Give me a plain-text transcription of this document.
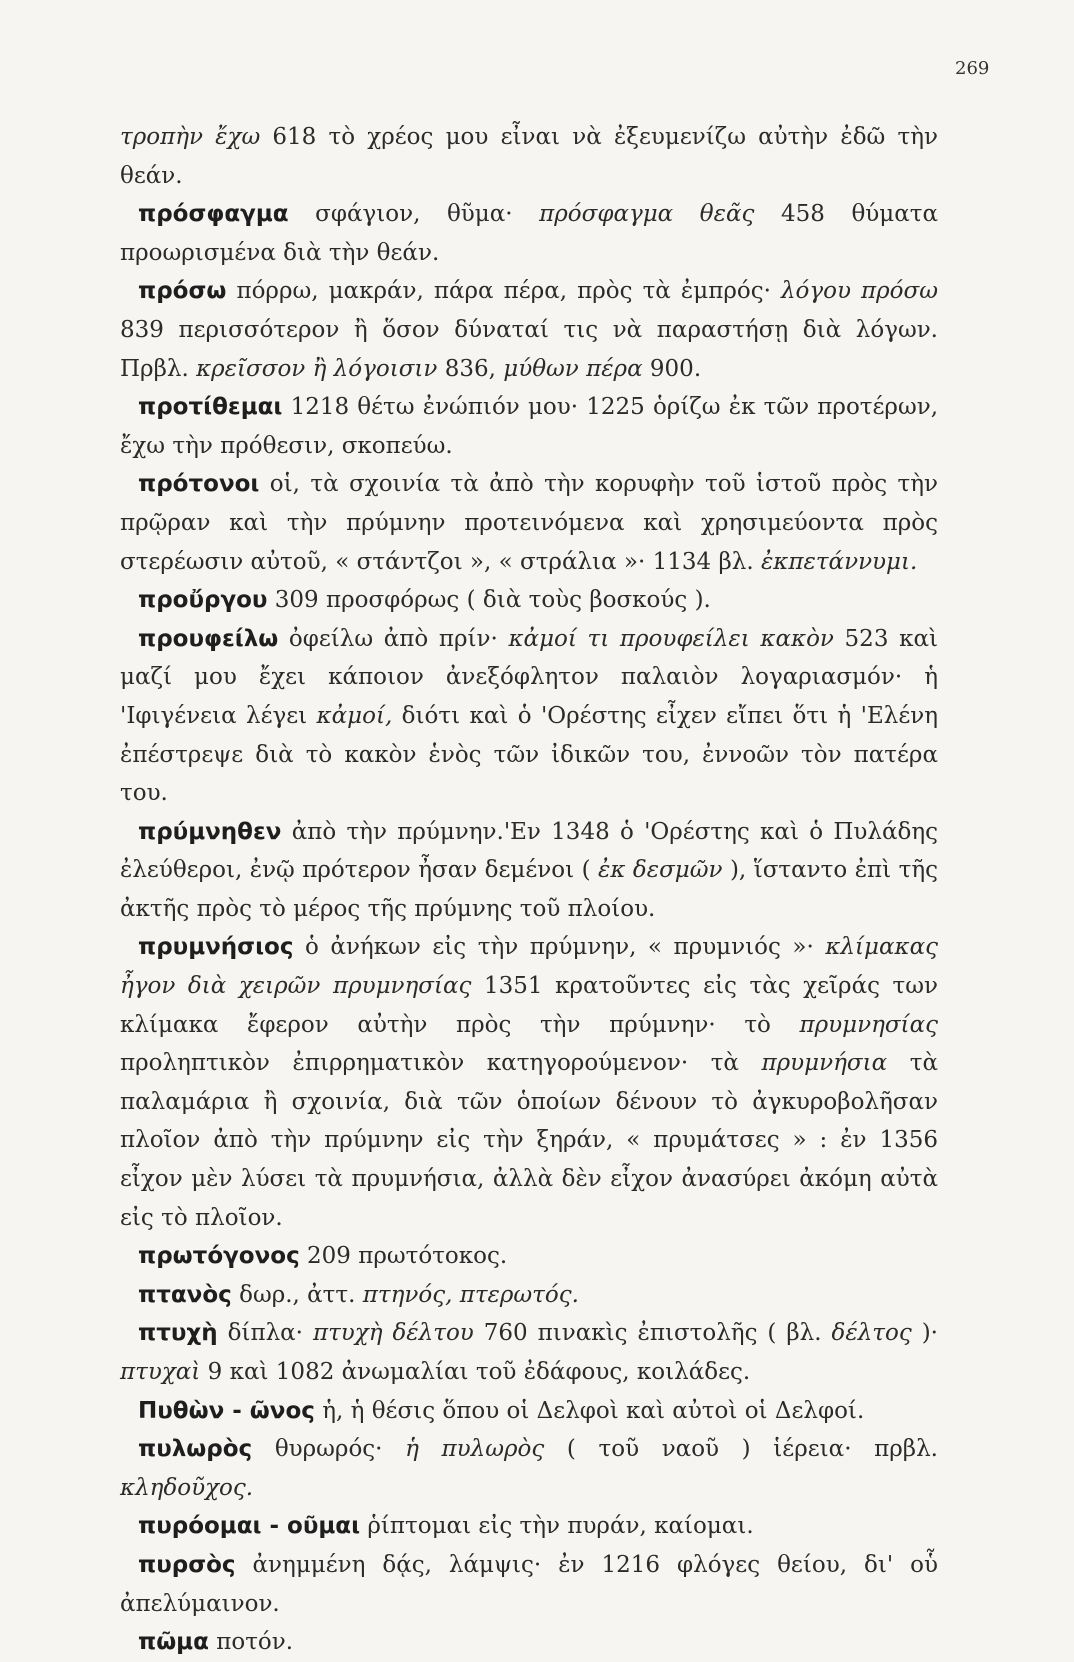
269

τροπὴν ἔχω 618 τὸ χρέος μου εἶναι νὰ ἐξευμενίζω αὐτὴν ἐδῶ τὴν θεάν.

πρόσφαγμα σφάγιον, θῦμα· πρόσφαγμα θεᾶς 458 θύματα προωρισμένα διὰ τὴν θεάν.

πρόσω πόρρω, μακράν, πάρα πέρα, πρὸς τὰ ἐμπρός· λόγου πρόσω 839 περισσότερον ἢ ὅσον δύναταί τις νὰ παραστήσῃ διὰ λόγων. Πρβλ. κρεῖσσον ἢ λόγοισιν 836, μύθων πέρα 900.

προτίθεμαι 1218 θέτω ἐνώπιόν μου· 1225 ὁρίζω ἐκ τῶν προτέρων, ἔχω τὴν πρόθεσιν, σκοπεύω.

πρότονοι οἱ, τὰ σχοινία τὰ ἀπὸ τὴν κορυφὴν τοῦ ἱστοῦ πρὸς τὴν πρῷραν καὶ τὴν πρύμνην προτεινόμενα καὶ χρησιμεύοντα πρὸς στερέωσιν αὐτοῦ, « στάντζοι », « στράλια »· 1134 βλ. ἐκπετάννυμι.

προὔργου 309 προσφόρως ( διὰ τοὺς βοσκούς ).

προυφείλω ὀφείλω ἀπὸ πρίν· κἀμοί τι προυφείλει κακὸν 523 καὶ μαζί μου ἔχει κάποιον ἀνεξόφλητον παλαιὸν λογαριασμόν· ἡ 'Ιφιγένεια λέγει κἀμοί, διότι καὶ ὁ 'Ορέστης εἶχεν εἴπει ὅτι ἡ 'Ελένη ἐπέστρεψε διὰ τὸ κακὸν ἑνὸς τῶν ἰδικῶν του, ἐννοῶν τὸν πατέρα του.

πρύμνηθεν ἀπὸ τὴν πρύμνην.'Εν 1348 ὁ 'Ορέστης καὶ ὁ Πυλάδης ἐλεύθεροι, ἐνῷ πρότερον ἦσαν δεμένοι ( ἐκ δεσμῶν ), ἵσταντο ἐπὶ τῆς ἀκτῆς πρὸς τὸ μέρος τῆς πρύμνης τοῦ πλοίου.

πρυμνήσιος ὁ ἀνήκων εἰς τὴν πρύμνην, « πρυμνιός »· κλίμακας ἦγον διὰ χειρῶν πρυμνησίας 1351 κρατοῦντες εἰς τὰς χεῖράς των κλίμακα ἔφερον αὐτὴν πρὸς τὴν πρύμνην· τὸ πρυμνησίας προληπτικὸν ἐπιρρηματικὸν κατηγορούμενον· τὰ πρυμνήσια τὰ παλαμάρια ἢ σχοινία, διὰ τῶν ὁποίων δένουν τὸ ἀγκυροβολῆσαν πλοῖον ἀπὸ τὴν πρύμνην εἰς τὴν ξηράν, « πρυμάτσες » : ἐν 1356 εἶχον μὲν λύσει τὰ πρυμνήσια, ἀλλὰ δὲν εἶχον ἀνασύρει ἀκόμη αὐτὰ εἰς τὸ πλοῖον.

πρωτόγονος 209 πρωτότοκος.

πτανὸς δωρ., ἀττ. πτηνός, πτερωτός.

πτυχὴ δίπλα· πτυχὴ δέλτου 760 πινακὶς ἐπιστολῆς ( βλ. δέλτος )· πτυχαὶ 9 καὶ 1082 ἀνωμαλίαι τοῦ ἐδάφους, κοιλάδες.

Πυθὼν - ῶνος ἡ, ἡ θέσις ὅπου οἱ Δελφοὶ καὶ αὐτοὶ οἱ Δελφοί.

πυλωρὸς θυρωρός· ἡ πυλωρὸς ( τοῦ ναοῦ ) ἱέρεια· πρβλ. κληδοῦχος.

πυρόομαι - οῦμαι ῥίπτομαι εἰς τὴν πυράν, καίομαι.

πυρσὸς ἀνημμένη δᾴς, λάμψις· ἐν 1216 φλόγες θείου, δι' οὗ ἀπελύμαινον.

πῶμα ποτόν.
